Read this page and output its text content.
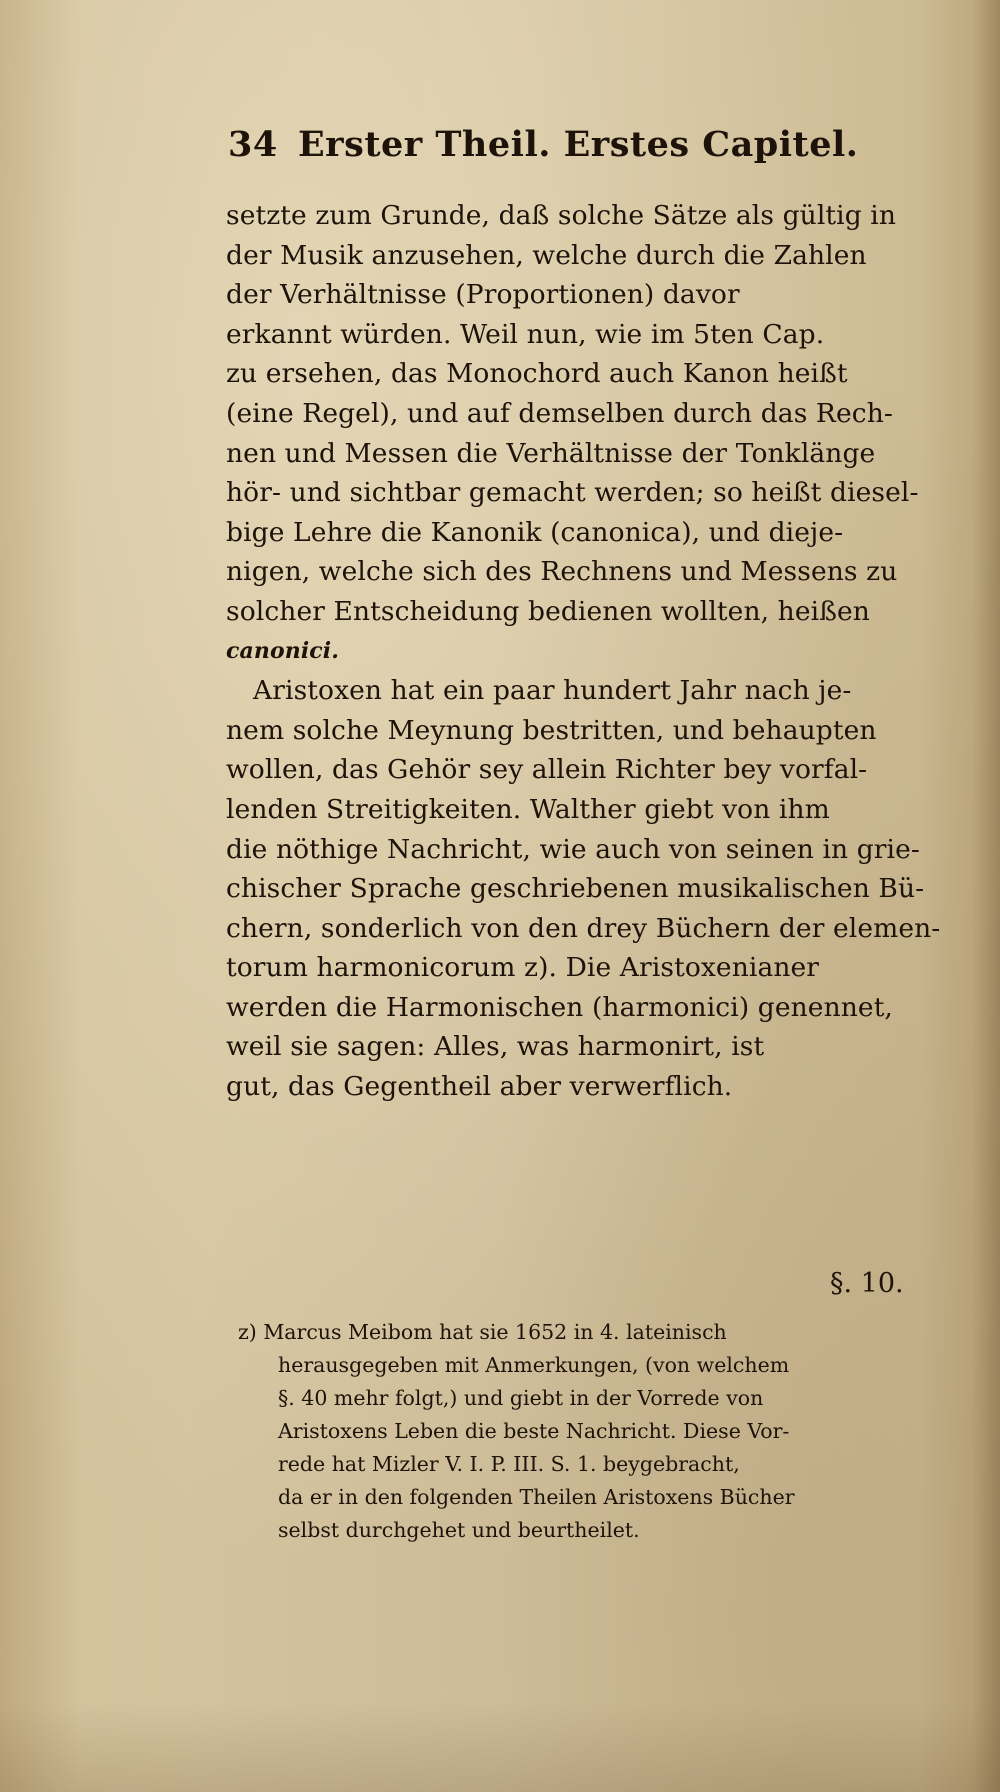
34 Erster Theil. Erstes Capitel.
setzte zum Grunde, daß solche Sätze als gültig in
der Musik anzusehen, welche durch die Zahlen
der Verhältnisse (Proportionen) davor
erkannt würden. Weil nun, wie im 5ten Cap.
zu ersehen, das Monochord auch Kanon heißt
(eine Regel), und auf demselben durch das Rech-
nen und Messen die Verhältnisse der Tonklänge
hör- und sichtbar gemacht werden; so heißt diesel-
bige Lehre die Kanonik (canonica), und dieje-
nigen, welche sich des Rechnens und Messens zu
solcher Entscheidung bedienen wollten, heißen
canonici.
Aristoxen hat ein paar hundert Jahr nach je-
nem solche Meynung bestritten, und behaupten
wollen, das Gehör sey allein Richter bey vorfal-
lenden Streitigkeiten. Walther giebt von ihm
die nöthige Nachricht, wie auch von seinen in grie-
chischer Sprache geschriebenen musikalischen Bü-
chern, sonderlich von den drey Büchern der elemen-
torum harmonicorum z). Die Aristoxenianer
werden die Harmonischen (harmonici) genennet,
weil sie sagen: Alles, was harmonirt, ist
gut, das Gegentheil aber verwerflich.
§. 10.
z) Marcus Meibom hat sie 1652 in 4. lateinisch
herausgegeben mit Anmerkungen, (von welchem
§. 40 mehr folgt,) und giebt in der Vorrede von
Aristoxens Leben die beste Nachricht. Diese Vor-
rede hat Mizler V. I. P. III. S. 1. beygebracht,
da er in den folgenden Theilen Aristoxens Bücher
selbst durchgehet und beurtheilet.
